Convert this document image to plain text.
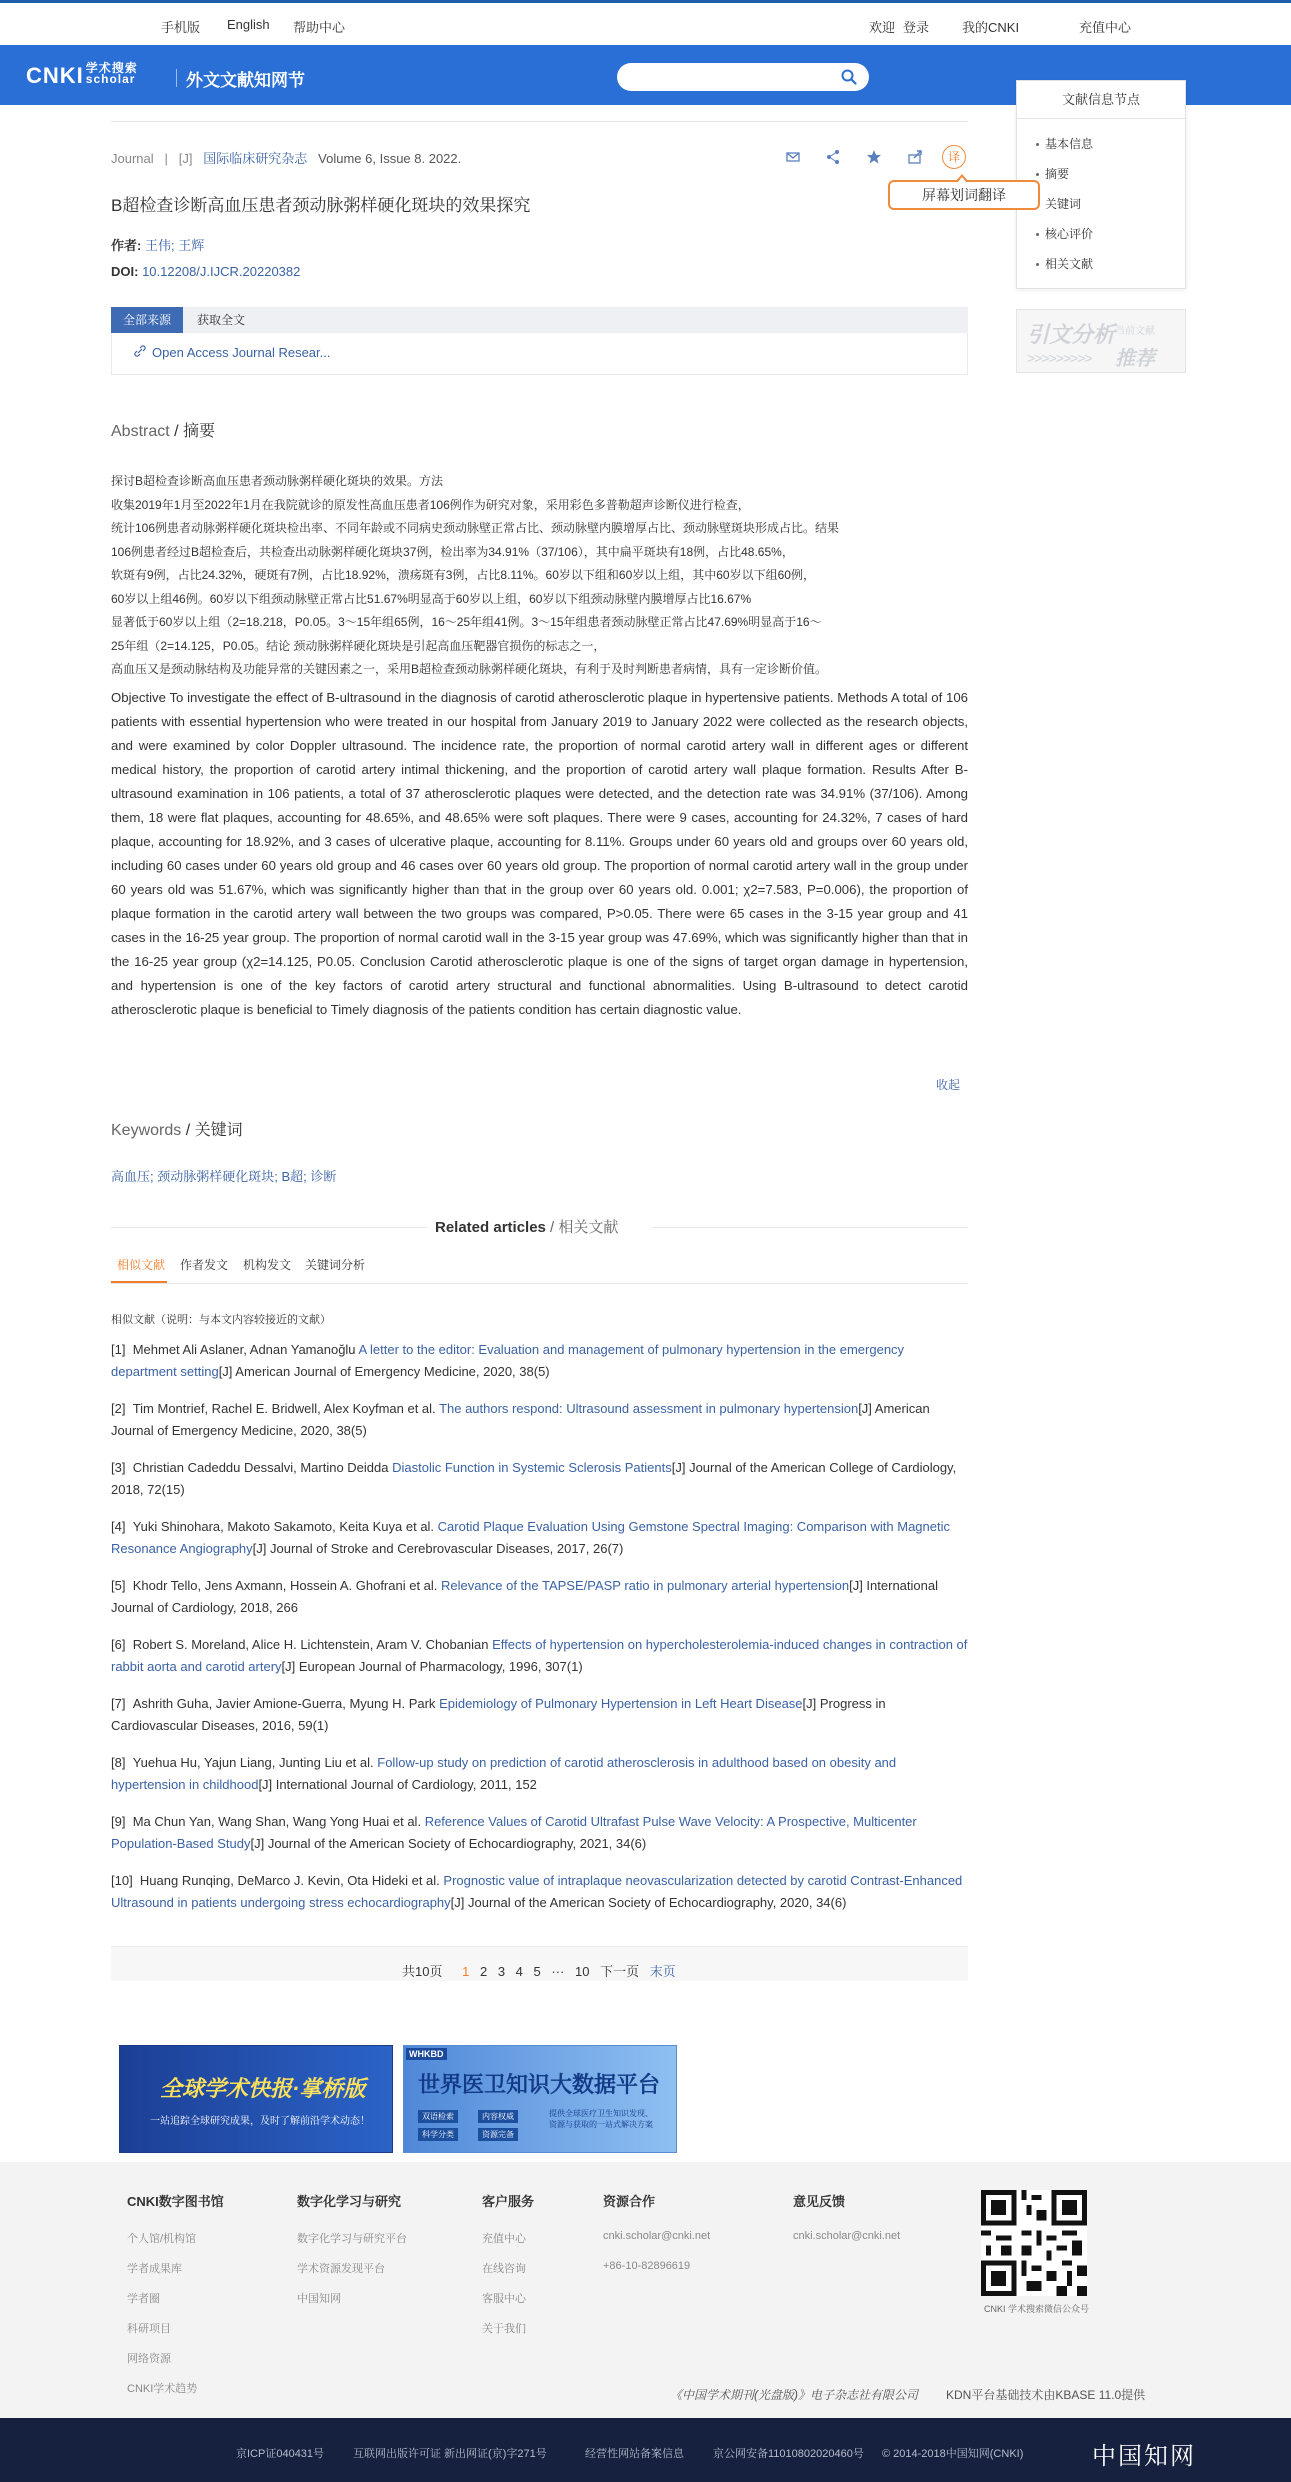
手机版 English 帮助中心	欢迎 登录	我的CNKI	充值中心
CNKI 学术搜索
scholar	外文文献知网节
文献信息节点
基本信息
摘要
关键词
核心评价
相关文献
引文分析 当前文献
推荐
>>>>>>>>>
Journal | [J] 国际临床研究杂志 Volume 6, Issue 8. 2022.	译
屏幕划词翻译
B超检查诊断高血压患者颈动脉粥样硬化斑块的效果探究
作者: 王伟; 王辉
DOI: 10.12208/J.IJCR.20220382
全部来源	获取全文
Open Access Journal Resear...
Abstract / 摘要
探讨B超检查诊断高血压患者颈动脉粥样硬化斑块的效果。方法
收集2019年1月至2022年1月在我院就诊的原发性高血压患者106例作为研究对象，采用彩色多普勒超声诊断仪进行检查，
统计106例患者动脉粥样硬化斑块检出率、不同年龄或不同病史颈动脉壁正常占比、颈动脉壁内膜增厚占比、颈动脉壁斑块形成占比。结果
106例患者经过B超检查后，共检查出动脉粥样硬化斑块37例，检出率为34.91%（37/106），其中扁平斑块有18例，占比48.65%，
软斑有9例，占比24.32%，硬斑有7例，占比18.92%，溃疡斑有3例，占比8.11%。60岁以下组和60岁以上组，其中60岁以下组60例，
60岁以上组46例。60岁以下组颈动脉壁正常占比51.67%明显高于60岁以上组，60岁以下组颈动脉壁内膜增厚占比16.67%
显著低于60岁以上组（2=18.218，P0.05。3～15年组65例，16～25年组41例。3～15年组患者颈动脉壁正常占比47.69%明显高于16～
25年组（2=14.125，P0.05。结论 颈动脉粥样硬化斑块是引起高血压靶器官损伤的标志之一，
高血压又是颈动脉结构及功能异常的关键因素之一，采用B超检查颈动脉粥样硬化斑块，有利于及时判断患者病情，具有一定诊断价值。
Objective To investigate the effect of B-ultrasound in the diagnosis of carotid atherosclerotic plaque in hypertensive patients. Methods A total of 106 patients with essential hypertension who were treated in our hospital from January 2019 to January 2022 were collected as the research objects, and were examined by color Doppler ultrasound. The incidence rate, the proportion of normal carotid artery wall in different ages or different medical history, the proportion of carotid artery intimal thickening, and the proportion of carotid artery wall plaque formation. Results After B-ultrasound examination in 106 patients, a total of 37 atherosclerotic plaques were detected, and the detection rate was 34.91% (37/106). Among them, 18 were flat plaques, accounting for 48.65%, and 48.65% were soft plaques. There were 9 cases, accounting for 24.32%, 7 cases of hard plaque, accounting for 18.92%, and 3 cases of ulcerative plaque, accounting for 8.11%. Groups under 60 years old and groups over 60 years old, including 60 cases under 60 years old group and 46 cases over 60 years old group. The proportion of normal carotid artery wall in the group under 60 years old was 51.67%, which was significantly higher than that in the group over 60 years old. 0.001; χ2=7.583, P=0.006), the proportion of plaque formation in the carotid artery wall between the two groups was compared, P>0.05. There were 65 cases in the 3-15 year group and 41 cases in the 16-25 year group. The proportion of normal carotid wall in the 3-15 year group was 47.69%, which was significantly higher than that in the 16-25 year group (χ2=14.125, P0.05. Conclusion Carotid atherosclerotic plaque is one of the signs of target organ damage in hypertension, and hypertension is one of the key factors of carotid artery structural and functional abnormalities. Using B-ultrasound to detect carotid atherosclerotic plaque is beneficial to Timely diagnosis of the patients condition has certain diagnostic value.
收起
Keywords / 关键词
高血压; 颈动脉粥样硬化斑块; B超; 诊断
Related articles / 相关文献
相似文献 作者发文 机构发文 关键词分析
相似文献（说明：与本文内容较接近的文献）
[1] Mehmet Ali Aslaner, Adnan Yamanoğlu A letter to the editor: Evaluation and management of pulmonary hypertension in the emergency department setting[J] American Journal of Emergency Medicine, 2020, 38(5)
[2] Tim Montrief, Rachel E. Bridwell, Alex Koyfman et al. The authors respond: Ultrasound assessment in pulmonary hypertension[J] American Journal of Emergency Medicine, 2020, 38(5)
[3] Christian Cadeddu Dessalvi, Martino Deidda Diastolic Function in Systemic Sclerosis Patients[J] Journal of the American College of Cardiology, 2018, 72(15)
[4] Yuki Shinohara, Makoto Sakamoto, Keita Kuya et al. Carotid Plaque Evaluation Using Gemstone Spectral Imaging: Comparison with Magnetic Resonance Angiography[J] Journal of Stroke and Cerebrovascular Diseases, 2017, 26(7)
[5] Khodr Tello, Jens Axmann, Hossein A. Ghofrani et al. Relevance of the TAPSE/PASP ratio in pulmonary arterial hypertension[J] International Journal of Cardiology, 2018, 266
[6] Robert S. Moreland, Alice H. Lichtenstein, Aram V. Chobanian Effects of hypertension on hypercholesterolemia-induced changes in contraction of rabbit aorta and carotid artery[J] European Journal of Pharmacology, 1996, 307(1)
[7] Ashrith Guha, Javier Amione-Guerra, Myung H. Park Epidemiology of Pulmonary Hypertension in Left Heart Disease[J] Progress in Cardiovascular Diseases, 2016, 59(1)
[8] Yuehua Hu, Yajun Liang, Junting Liu et al. Follow-up study on prediction of carotid atherosclerosis in adulthood based on obesity and hypertension in childhood[J] International Journal of Cardiology, 2011, 152
[9] Ma Chun Yan, Wang Shan, Wang Yong Huai et al. Reference Values of Carotid Ultrafast Pulse Wave Velocity: A Prospective, Multicenter Population-Based Study[J] Journal of the American Society of Echocardiography, 2021, 34(6)
[10] Huang Runqing, DeMarco J. Kevin, Ota Hideki et al. Prognostic value of intraplaque neovascularization detected by carotid Contrast-Enhanced Ultrasound in patients undergoing stress echocardiography[J] Journal of the American Society of Echocardiography, 2020, 34(6)
共10页 1 2 3 4 5 ··· 10 下一页 末页
全球学术快报·掌桥版
一站追踪全球研究成果，及时了解前沿学术动态！
WHKBD
世界医卫知识大数据平台
双语检索	内容权威
科学分类	资源完备
提供全球医疗卫生知识发现、资源与获取的一站式解决方案
CNKI数字图书馆
个人馆/机构馆
学者成果库
学者圈
科研项目
网络资源
CNKI学术趋势
数字化学习与研究
数字化学习与研究平台
学术资源发现平台
中国知网
客户服务
充值中心
在线咨询
客服中心
关于我们
资源合作
cnki.scholar@cnki.net
+86-10-82896619
意见反馈
cnki.scholar@cnki.net
CNKI 学术搜索微信公众号
《中国学术期刊(光盘版)》电子杂志社有限公司 KDN平台基础技术由KBASE 11.0提供
京ICP证040431号	互联网出版许可证 新出网证(京)字271号	经营性网站备案信息	京公网安备11010802020460号 © 2014-2018中国知网(CNKI)	中国知网
